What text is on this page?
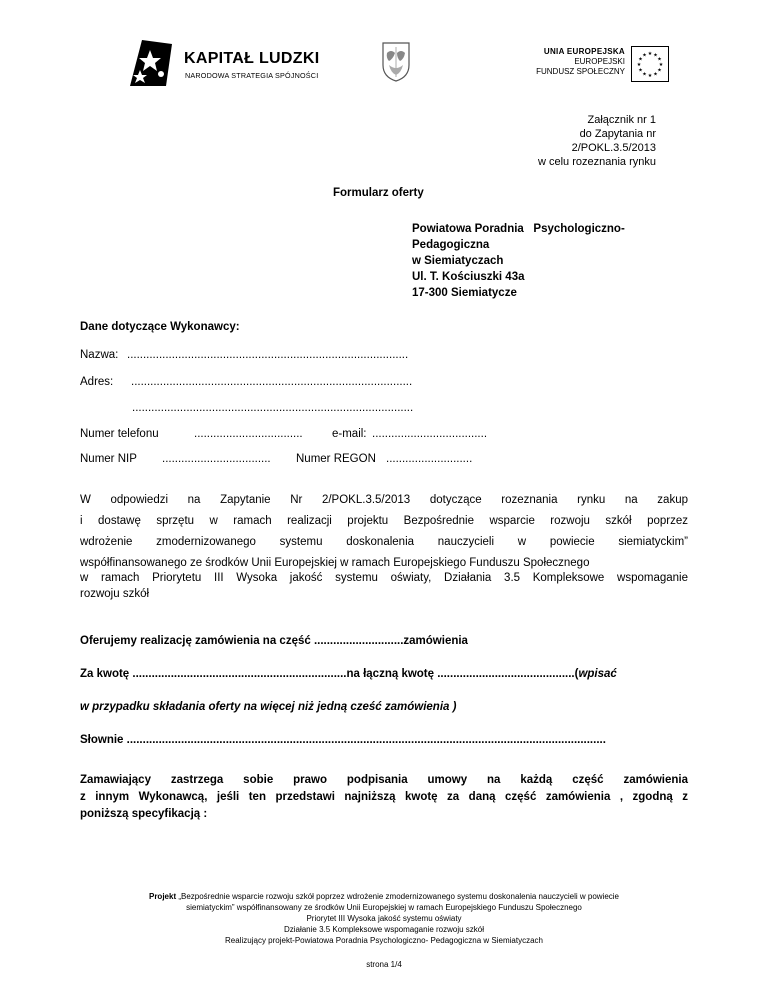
KAPITAŁ LUDZKI
NARODOWA STRATEGIA SPÓJNOŚCI
UNIA EUROPEJSKA
EUROPEJSKI
FUNDUSZ SPOŁECZNY
★ ★
★
★
★
★
★
★
★
★
★
★
Załącznik nr 1
do Zapytania nr
2/POKL.3.5/2013
w celu rozeznania rynku
Formularz oferty
Powiatowa Poradnia   Psychologiczno-
Pedagogiczna
w Siemiatyczach
Ul. T. Kościuszki 43a
17-300 Siemiatycze
Dane dotyczące Wykonawcy:
Nazwa: ........................................................................................
Adres: ........................................................................................
........................................................................................
Numer telefonu	..................................	e-mail: ....................................
Numer NIP .................................. Numer REGON ...........................
W odpowiedzi na Zapytanie Nr 2/POKL.3.5/2013 dotyczące rozeznania rynku na zakup
i dostawę sprzętu w ramach realizacji projektu Bezpośrednie wsparcie rozwoju szkół poprzez
wdrożenie zmodernizowanego systemu doskonalenia nauczycieli w powiecie siemiatyckim”
współfinansowanego ze środków Unii Europejskiej w ramach Europejskiego Funduszu Społecznego
w ramach Priorytetu III Wysoka jakość systemu oświaty, Działania 3.5 Kompleksowe wspomaganie
rozwoju szkół
Oferujemy realizację zamówienia na część ............................zamówienia
Za kwotę ...................................................................na łączną kwotę ...........................................(wpisać
w przypadku składania oferty na więcej niż jedną cześć zamówienia )
Słownie ......................................................................................................................................................
Zamawiający zastrzega sobie prawo podpisania umowy na każdą część zamówienia
z innym Wykonawcą, jeśli ten przedstawi najniższą kwotę za daną część zamówienia , zgodną z
poniższą specyfikacją :
Projekt „Bezpośrednie wsparcie rozwoju szkół poprzez wdrożenie zmodernizowanego systemu doskonalenia nauczycieli w powiecie
siemiatyckim” współfinansowany ze środków Unii Europejskiej w ramach Europejskiego Funduszu Społecznego
Priorytet III Wysoka jakość systemu oświaty
Działanie 3.5 Kompleksowe wspomaganie rozwoju szkół
Realizujący projekt-Powiatowa Poradnia Psychologiczno- Pedagogiczna w Siemiatyczach
strona 1/4
